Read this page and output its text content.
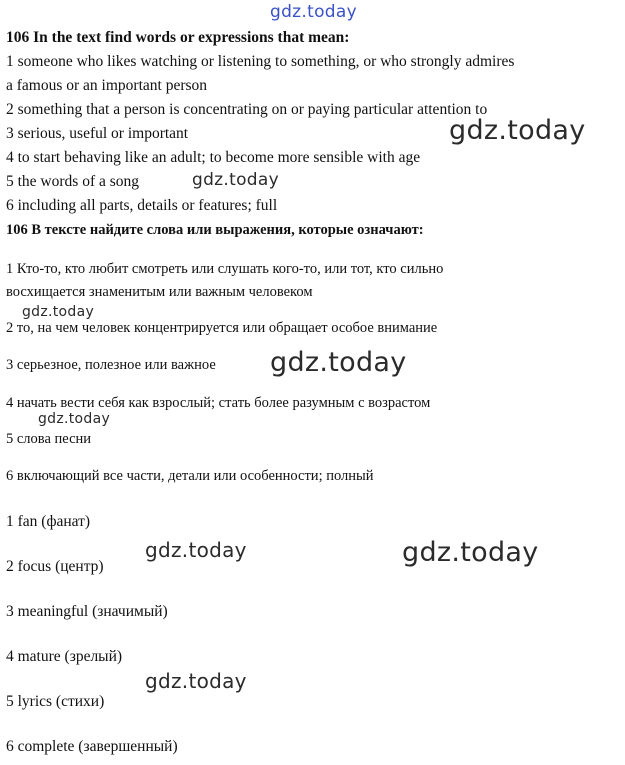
gdz.today
gdz.today
gdz.today
gdz.today
gdz.today
gdz.today
gdz.today	gdz.today
gdz.today
106 In the text find words or expressions that mean:
1 someone who likes watching or listening to something, or who strongly admires
a famous or an important person
2 something that a person is concentrating on or paying particular attention to
3 serious, useful or important
4 to start behaving like an adult; to become more sensible with age
5 the words of a song
6 including all parts, details or features; full
106 В тексте найдите слова или выражения, которые означают:
1 Кто-то, кто любит смотреть или слушать кого-то, или тот, кто сильно
восхищается знаменитым или важным человеком
2 то, на чем человек концентрируется или обращает особое внимание
3 серьезное, полезное или важное
4 начать вести себя как взрослый; стать более разумным с возрастом
5 слова песни
6 включающий все части, детали или особенности; полный
1 fan (фанат)
2 focus (центр)
3 meaningful (значимый)
4 mature (зрелый)
5 lyrics (стихи)
6 complete (завершенный)
